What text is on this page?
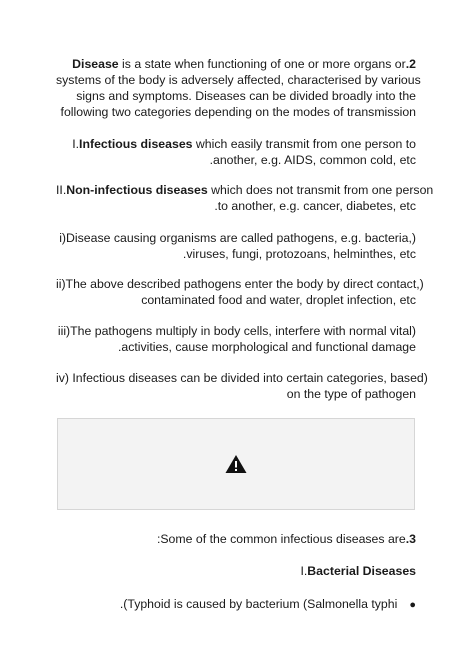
Disease is a state when functioning of one or more organs or.2
systems of the body is adversely affected, characterised by various
signs and symptoms. Diseases can be divided broadly into the
following two categories depending on the modes of transmission
I.Infectious diseases which easily transmit from one person to
.another, e.g. AIDS, common cold, etc
II.Non-infectious diseases which does not transmit from one person
.to another, e.g. cancer, diabetes, etc
i)Disease causing organisms are called pathogens, e.g. bacteria,)
.viruses, fungi, protozoans, helminthes, etc
ii)The above described pathogens enter the body by direct contact,)
contaminated food and water, droplet infection, etc
iii)The pathogens multiply in body cells, interfere with normal vital)
.activities, cause morphological and functional damage
iv) Infectious diseases can be divided into certain categories, based)
on the type of pathogen
:Some of the common infectious diseases are.3
I.Bacterial Diseases
.(Typhoid is caused by bacterium (Salmonella typhi ●
